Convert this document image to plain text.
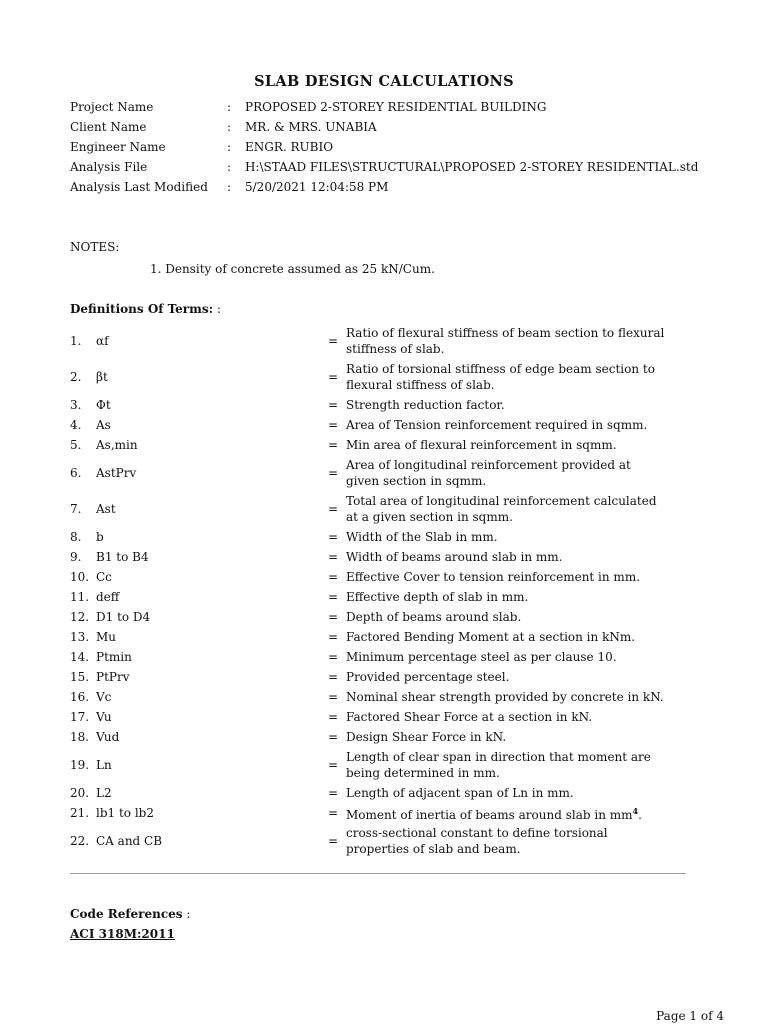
SLAB DESIGN CALCULATIONS
Project Name	:	PROPOSED 2-STOREY RESIDENTIAL BUILDING
Client Name	:	MR. & MRS. UNABIA
Engineer Name	:	ENGR. RUBIO
Analysis File	:	H:\STAAD FILES\STRUCTURAL\PROPOSED 2-STOREY RESIDENTIAL.std
Analysis Last Modified	:	5/20/2021 12:04:58 PM
NOTES:
1. Density of concrete assumed as 25 kN/Cum.
Definitions Of Terms: :
1.	αf	=
Ratio of flexural stiffness of beam section to flexural stiffness of slab.
2.	βt	=
Ratio of torsional stiffness of edge beam section to flexural stiffness of slab.
3.	Φt	= Strength reduction factor.
4.	As	= Area of Tension reinforcement required in sqmm.
5.	As,min	= Min area of flexural reinforcement in sqmm.
6.	AstPrv	=
Area of longitudinal reinforcement provided at given section in sqmm.
7.	Ast	=
Total area of longitudinal reinforcement calculated at a given section in sqmm.
8.	b	= Width of the Slab in mm.
9.	B1 to B4	= Width of beams around slab in mm.
10. Cc	= Effective Cover to tension reinforcement in mm.
11. deff	= Effective depth of slab in mm.
12. D1 to D4	= Depth of beams around slab.
13. Mu	= Factored Bending Moment at a section in kNm.
14. Ptmin	= Minimum percentage steel as per clause 10.
15. PtPrv	= Provided percentage steel.
16. Vc	= Nominal shear strength provided by concrete in kN.
17. Vu	= Factored Shear Force at a section in kN.
18. Vud	= Design Shear Force in kN.
19. Ln	=
Length of clear span in direction that moment are being determined in mm.
20. L2	= Length of adjacent span of Ln in mm.
21. lb1 to lb2	= Moment of inertia of beams around slab in $mm^4$.
22. CA and CB	=
cross-sectional constant to define torsional properties of slab and beam.
Code References :
ACI 318M:2011
Page 1 of 4
